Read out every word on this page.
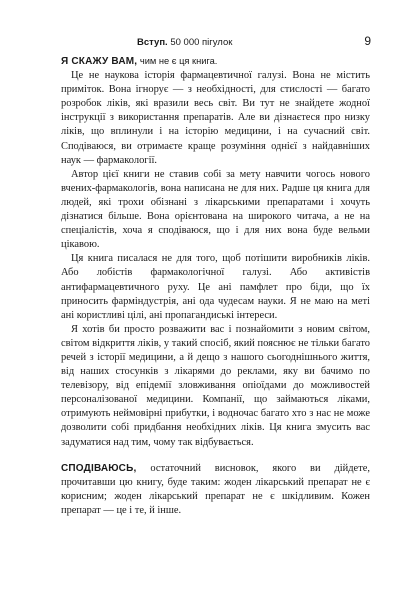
Вступ. 50 000 пігулок	9

Я СКАЖУ ВАМ, чим не є ця книга.

Це не наукова історія фармацевтичної галузі. Вона не містить приміток. Вона ігнорує — з необхідності, для стислості — багато розробок ліків, які вразили весь світ. Ви тут не знайдете жодної інструкції з використання препаратів. Але ви дізнаєтеся про низку ліків, що вплинули і на історію медицини, і на сучасний світ. Сподіваюся, ви отримаєте краще розуміння однієї з найдавніших наук — фармакології.

Автор цієї книги не ставив собі за мету навчити чогось нового вчених-фармакологів, вона написана не для них. Радше ця книга для людей, які трохи обізнані з лікарськими препаратами і хочуть дізнатися більше. Вона орієнтована на широкого читача, а не на спеціалістів, хоча я сподіваюся, що і для них вона буде вельми цікавою.

Ця книга писалася не для того, щоб потішити виробників ліків. Або лобістів фармакологічної галузі. Або активістів антифармацевтичного руху. Це ані памфлет про біди, що їх приносить фарміндустрія, ані ода чудесам науки. Я не маю на меті ані користливі цілі, ані пропагандиські інтереси.

Я хотів би просто розважити вас і познайомити з новим світом, світом відкриття ліків, у такий спосіб, який пояснює не тільки багато речей з історії медицини, а й дещо з нашого сьогоднішнього життя, від наших стосунків з лікарями до реклами, яку ви бачимо по телевізору, від епідемії зловживання опіоїдами до можливостей персоналізованої медицини. Компанії, що займаються ліками, отримують неймовірні прибутки, і водночас багато хто з нас не може дозволити собі придбання необхідних ліків. Ця книга змусить вас задуматися над тим, чому так відбувається.

СПОДІВАЮСЬ, остаточний висновок, якого ви дійдете, прочитавши цю книгу, буде таким: жоден лікарський препарат не є корисним; жоден лікарський препарат не є шкідливим. Кожен препарат — це і те, й інше.
